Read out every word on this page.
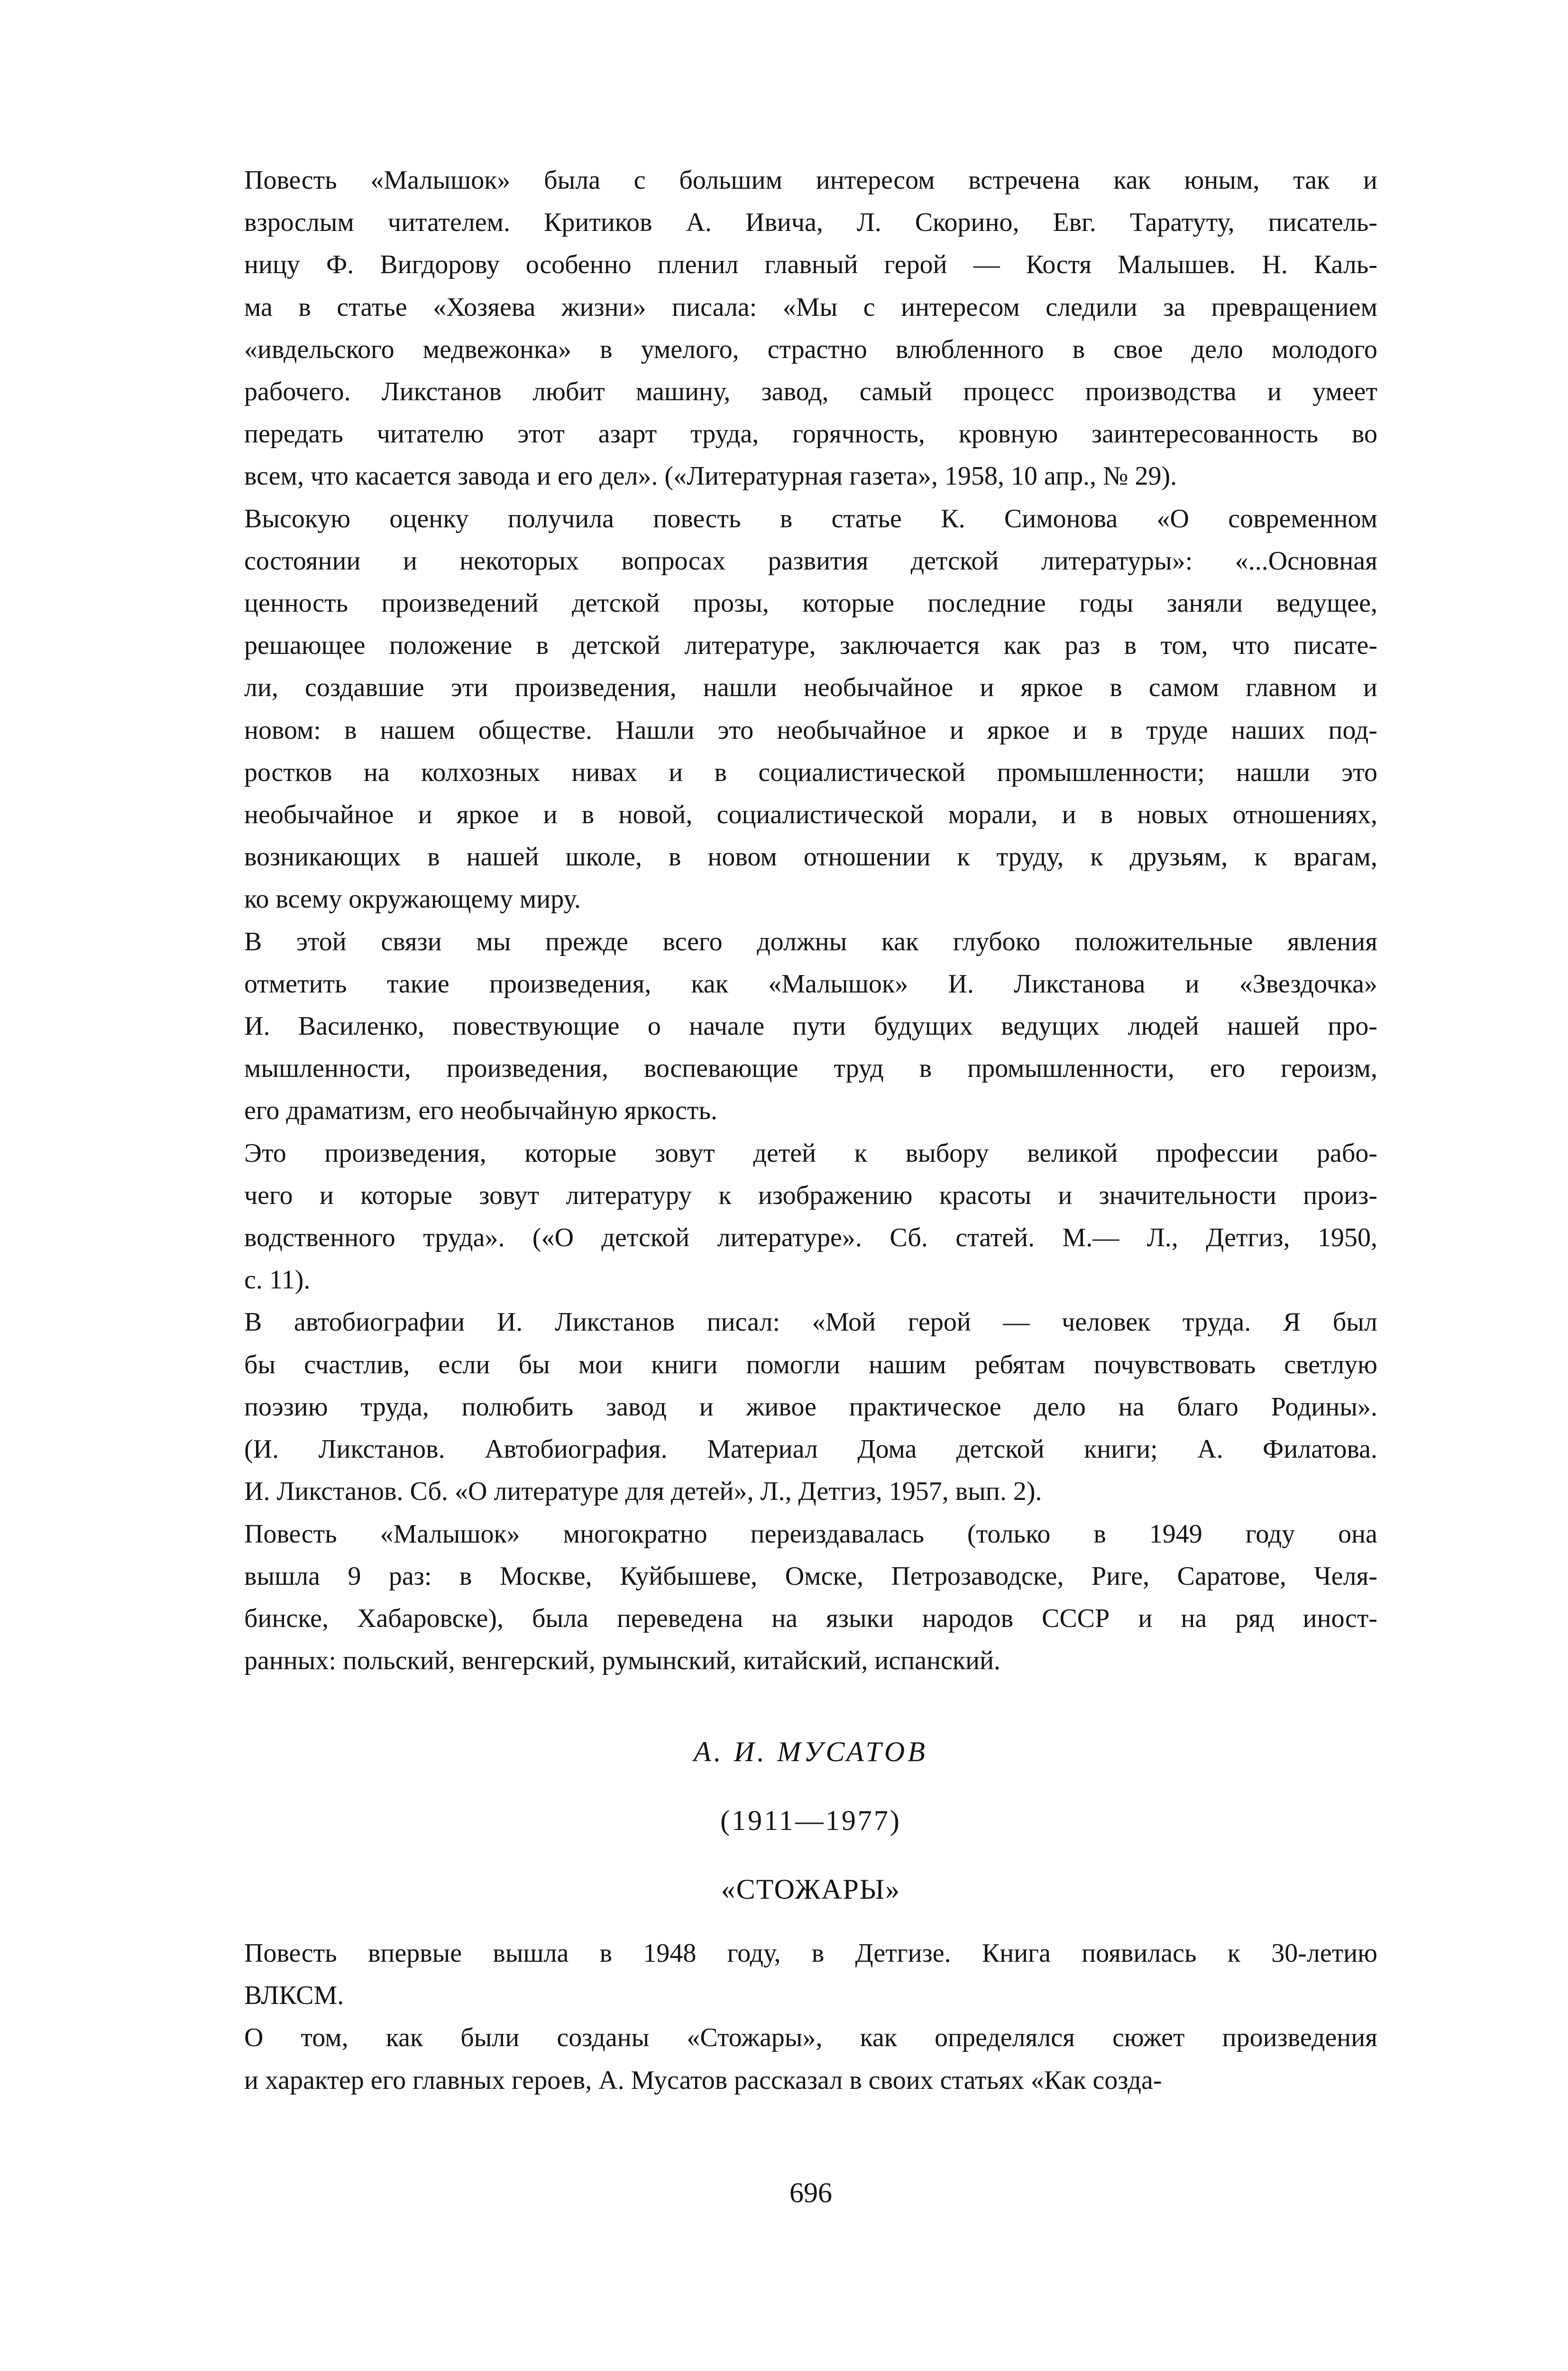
Повесть «Малышок» была с большим интересом встречена как юным, так и
взрослым читателем. Критиков А. Ивича, Л. Скорино, Евг. Таратуту, писатель-
ницу Ф. Вигдорову особенно пленил главный герой — Костя Малышев. Н. Каль-
ма в статье «Хозяева жизни» писала: «Мы с интересом следили за превращением
«ивдельского медвежонка» в умелого, страстно влюбленного в свое дело молодого
рабочего. Ликстанов любит машину, завод, самый процесс производства и умеет
передать читателю этот азарт труда, горячность, кровную заинтересованность во
всем, что касается завода и его дел». («Литературная газета», 1958, 10 апр., № 29).
Высокую оценку получила повесть в статье К. Симонова «О современном
состоянии и некоторых вопросах развития детской литературы»: «...Основная
ценность произведений детской прозы, которые последние годы заняли ведущее,
решающее положение в детской литературе, заключается как раз в том, что писате-
ли, создавшие эти произведения, нашли необычайное и яркое в самом главном и
новом: в нашем обществе. Нашли это необычайное и яркое и в труде наших под-
ростков на колхозных нивах и в социалистической промышленности; нашли это
необычайное и яркое и в новой, социалистической морали, и в новых отношениях,
возникающих в нашей школе, в новом отношении к труду, к друзьям, к врагам,
ко всему окружающему миру.
В этой связи мы прежде всего должны как глубоко положительные явления
отметить такие произведения, как «Малышок» И. Ликстанова и «Звездочка»
И. Василенко, повествующие о начале пути будущих ведущих людей нашей про-
мышленности, произведения, воспевающие труд в промышленности, его героизм,
его драматизм, его необычайную яркость.
Это произведения, которые зовут детей к выбору великой профессии рабо-
чего и которые зовут литературу к изображению красоты и значительности произ-
водственного труда». («О детской литературе». Сб. статей. М.— Л., Детгиз, 1950,
с. 11).
В автобиографии И. Ликстанов писал: «Мой герой — человек труда. Я был
бы счастлив, если бы мои книги помогли нашим ребятам почувствовать светлую
поэзию труда, полюбить завод и живое практическое дело на благо Родины».
(И. Ликстанов. Автобиография. Материал Дома детской книги; А. Филатова.
И. Ликстанов. Сб. «О литературе для детей», Л., Детгиз, 1957, вып. 2).
Повесть «Малышок» многократно переиздавалась (только в 1949 году она
вышла 9 раз: в Москве, Куйбышеве, Омске, Петрозаводске, Риге, Саратове, Челя-
бинске, Хабаровске), была переведена на языки народов СССР и на ряд иност-
ранных: польский, венгерский, румынский, китайский, испанский.
А. И. МУСАТОВ
(1911—1977)
«СТОЖАРЫ»
Повесть впервые вышла в 1948 году, в Детгизе. Книга появилась к 30-летию
ВЛКСМ.
О том, как были созданы «Стожары», как определялся сюжет произведения
и характер его главных героев, А. Мусатов рассказал в своих статьях «Как созда-
696
